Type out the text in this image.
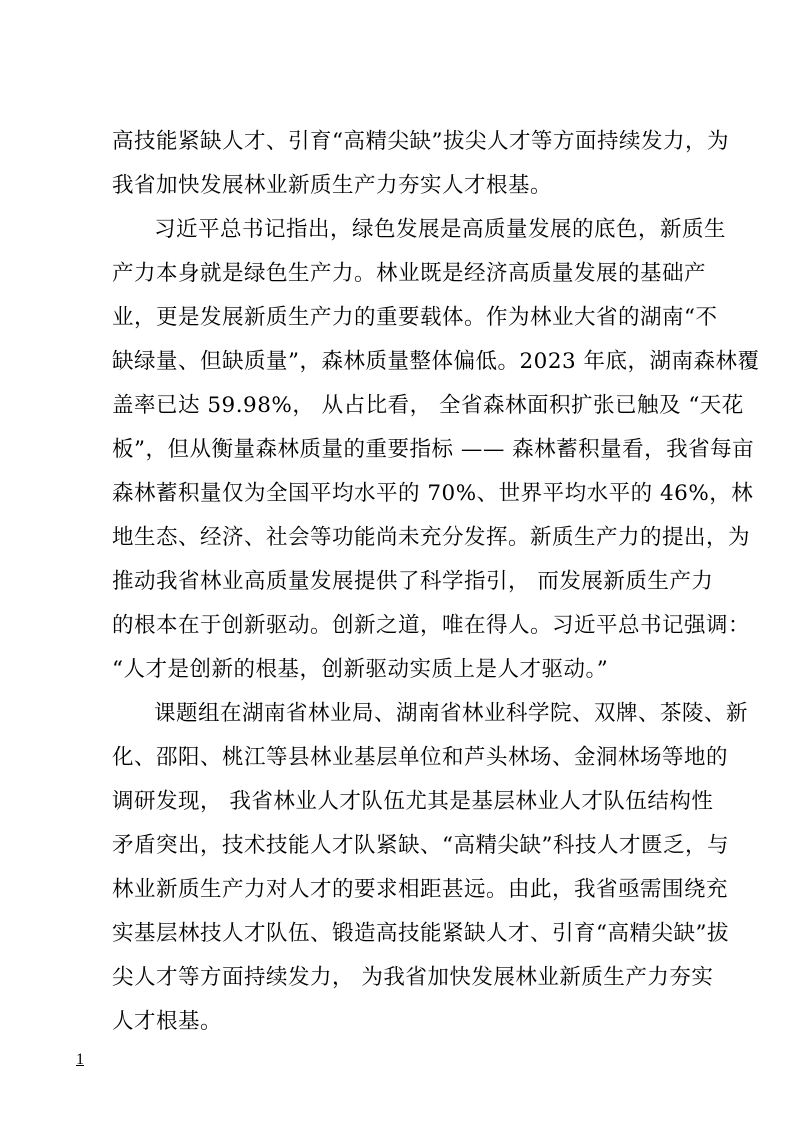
高技能紧缺人才、引育“高精尖缺”拔尖人才等方面持续发力，为
我省加快发展林业新质生产力夯实人才根基。
习近平总书记指出，绿色发展是高质量发展的底色，新质生
产力本身就是绿色生产力。林业既是经济高质量发展的基础产
业，更是发展新质生产力的重要载体。作为林业大省的湖南“不
缺绿量、但缺质量”，森林质量整体偏低。2023 年底，湖南森林覆
盖率已达 59.98%， 从占比看， 全省森林面积扩张已触及 “天花
板”，但从衡量森林质量的重要指标 —— 森林蓄积量看，我省每亩
森林蓄积量仅为全国平均水平的 70%、世界平均水平的 46%，林
地生态、经济、社会等功能尚未充分发挥。新质生产力的提出，为
推动我省林业高质量发展提供了科学指引， 而发展新质生产力
的根本在于创新驱动。创新之道，唯在得人。习近平总书记强调：
“人才是创新的根基，创新驱动实质上是人才驱动。”
课题组在湖南省林业局、湖南省林业科学院、双牌、茶陵、新
化、邵阳、桃江等县林业基层单位和芦头林场、金洞林场等地的
调研发现， 我省林业人才队伍尤其是基层林业人才队伍结构性
矛盾突出，技术技能人才队紧缺、“高精尖缺”科技人才匮乏，与
林业新质生产力对人才的要求相距甚远。由此，我省亟需围绕充
实基层林技人才队伍、锻造高技能紧缺人才、引育“高精尖缺”拔
尖人才等方面持续发力， 为我省加快发展林业新质生产力夯实
人才根基。
1
